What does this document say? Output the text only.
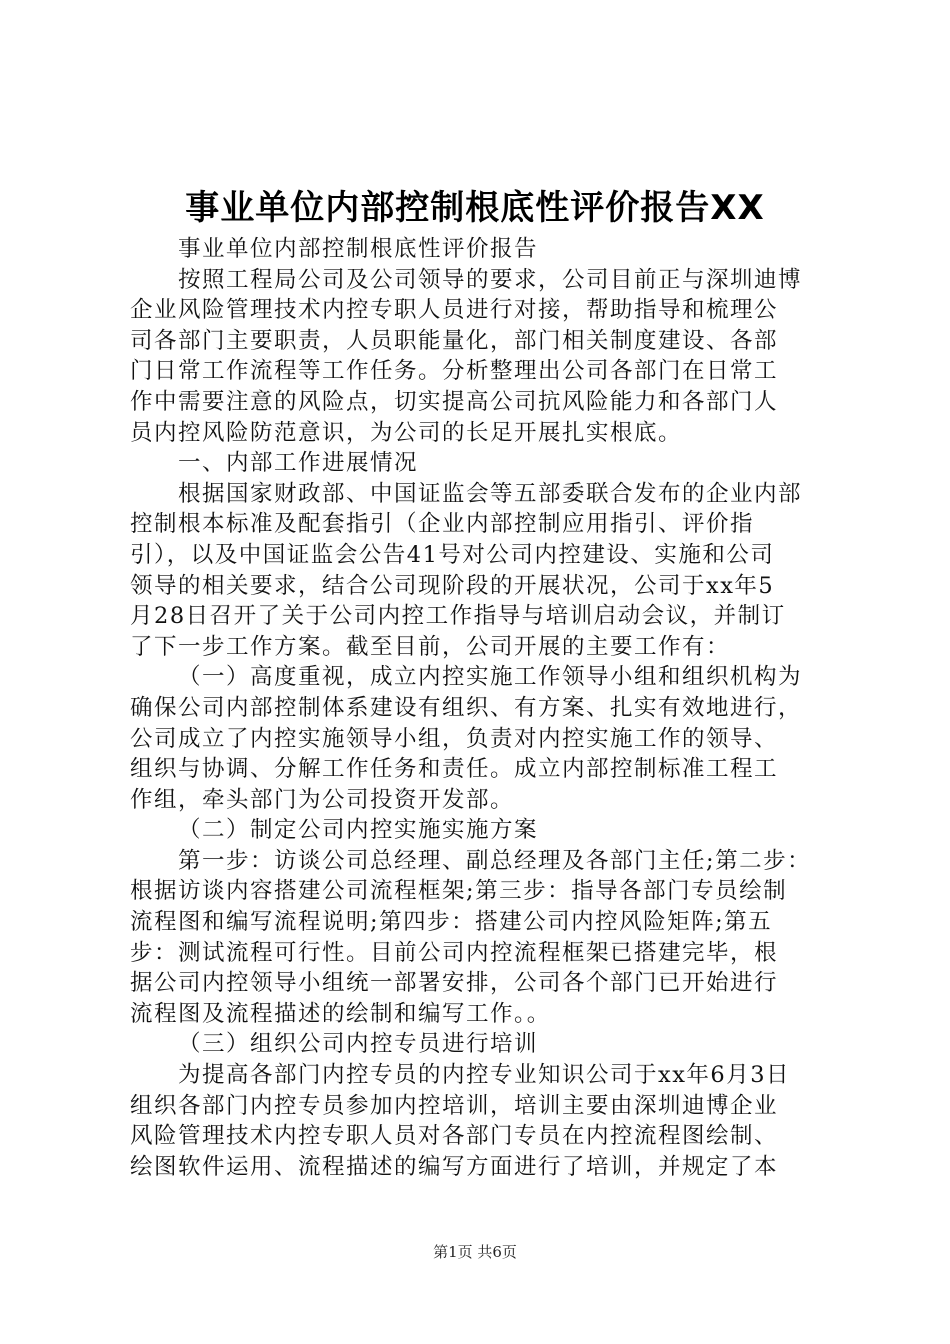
事业单位内部控制根底性评价报告XX
事业单位内部控制根底性评价报告
按照工程局公司及公司领导的要求，公司目前正与深圳迪博
企业风险管理技术内控专职人员进行对接，帮助指导和梳理公
司各部门主要职责，人员职能量化，部门相关制度建设、各部
门日常工作流程等工作任务。分析整理出公司各部门在日常工
作中需要注意的风险点，切实提高公司抗风险能力和各部门人
员内控风险防范意识，为公司的长足开展扎实根底。
一、内部工作进展情况
根据国家财政部、中国证监会等五部委联合发布的企业内部
控制根本标准及配套指引（企业内部控制应用指引、评价指
引），以及中国证监会公告41号对公司内控建设、实施和公司
领导的相关要求，结合公司现阶段的开展状况，公司于xx年5
月28日召开了关于公司内控工作指导与培训启动会议，并制订
了下一步工作方案。截至目前，公司开展的主要工作有：
（一）高度重视，成立内控实施工作领导小组和组织机构为
确保公司内部控制体系建设有组织、有方案、扎实有效地进行，
公司成立了内控实施领导小组，负责对内控实施工作的领导、
组织与协调、分解工作任务和责任。成立内部控制标准工程工
作组，牵头部门为公司投资开发部。
（二）制定公司内控实施实施方案
第一步：访谈公司总经理、副总经理及各部门主任;第二步：
根据访谈内容搭建公司流程框架;第三步：指导各部门专员绘制
流程图和编写流程说明;第四步：搭建公司内控风险矩阵;第五
步：测试流程可行性。目前公司内控流程框架已搭建完毕，根
据公司内控领导小组统一部署安排，公司各个部门已开始进行
流程图及流程描述的绘制和编写工作。。
（三）组织公司内控专员进行培训
为提高各部门内控专员的内控专业知识公司于xx年6月3日
组织各部门内控专员参加内控培训，培训主要由深圳迪博企业
风险管理技术内控专职人员对各部门专员在内控流程图绘制、
绘图软件运用、流程描述的编写方面进行了培训，并规定了本
第1页 共6页
